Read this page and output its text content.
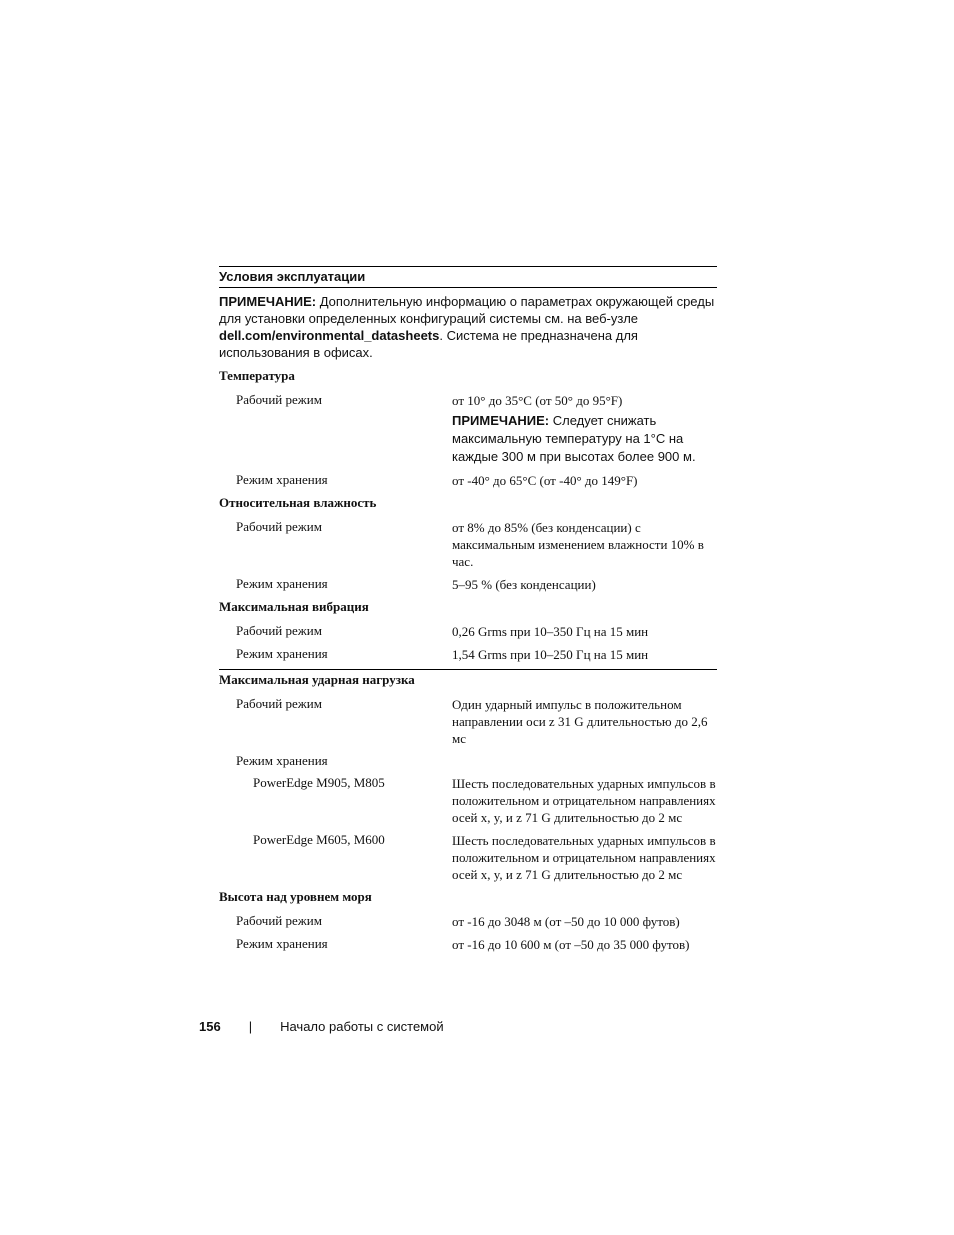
Условия эксплуатации
ПРИМЕЧАНИЕ: Дополнительную информацию о параметрах окружающей среды для установки определенных конфигураций системы см. на веб-узле dell.com/environmental_datasheets. Система не предназначена для использования в офисах.
Температура
Рабочий режим	от 10° до 35°C (от 50° до 95°F)
ПРИМЕЧАНИЕ: Следует снижать максимальную температуру на 1°C на каждые 300 м при высотах более 900 м.
Режим хранения	от -40° до 65°C (от -40° до 149°F)
Относительная влажность
Рабочий режим	от 8% до 85% (без конденсации) с максимальным изменением влажности 10% в час.
Режим хранения	5–95 % (без конденсации)
Максимальная вибрация
Рабочий режим	0,26 Grms при 10–350 Гц на 15 мин
Режим хранения	1,54 Grms при 10–250 Гц на 15 мин
Максимальная ударная нагрузка
Рабочий режим	Один ударный импульс в положительном направлении оси z 31 G длительностью до 2,6 мс
Режим хранения
PowerEdge M905, M805	Шесть последовательных ударных импульсов в положительном и отрицательном направлениях осей x, y, и z 71 G длительностью до 2 мс
PowerEdge M605, M600	Шесть последовательных ударных импульсов в положительном и отрицательном направлениях осей x, y, и z 71 G длительностью до 2 мс
Высота над уровнем моря
Рабочий режим	от -16 до 3048 м (от –50 до 10 000 футов)
Режим хранения	от -16 до 10 600 м (от –50 до 35 000 футов)
156 | Начало работы с системой
